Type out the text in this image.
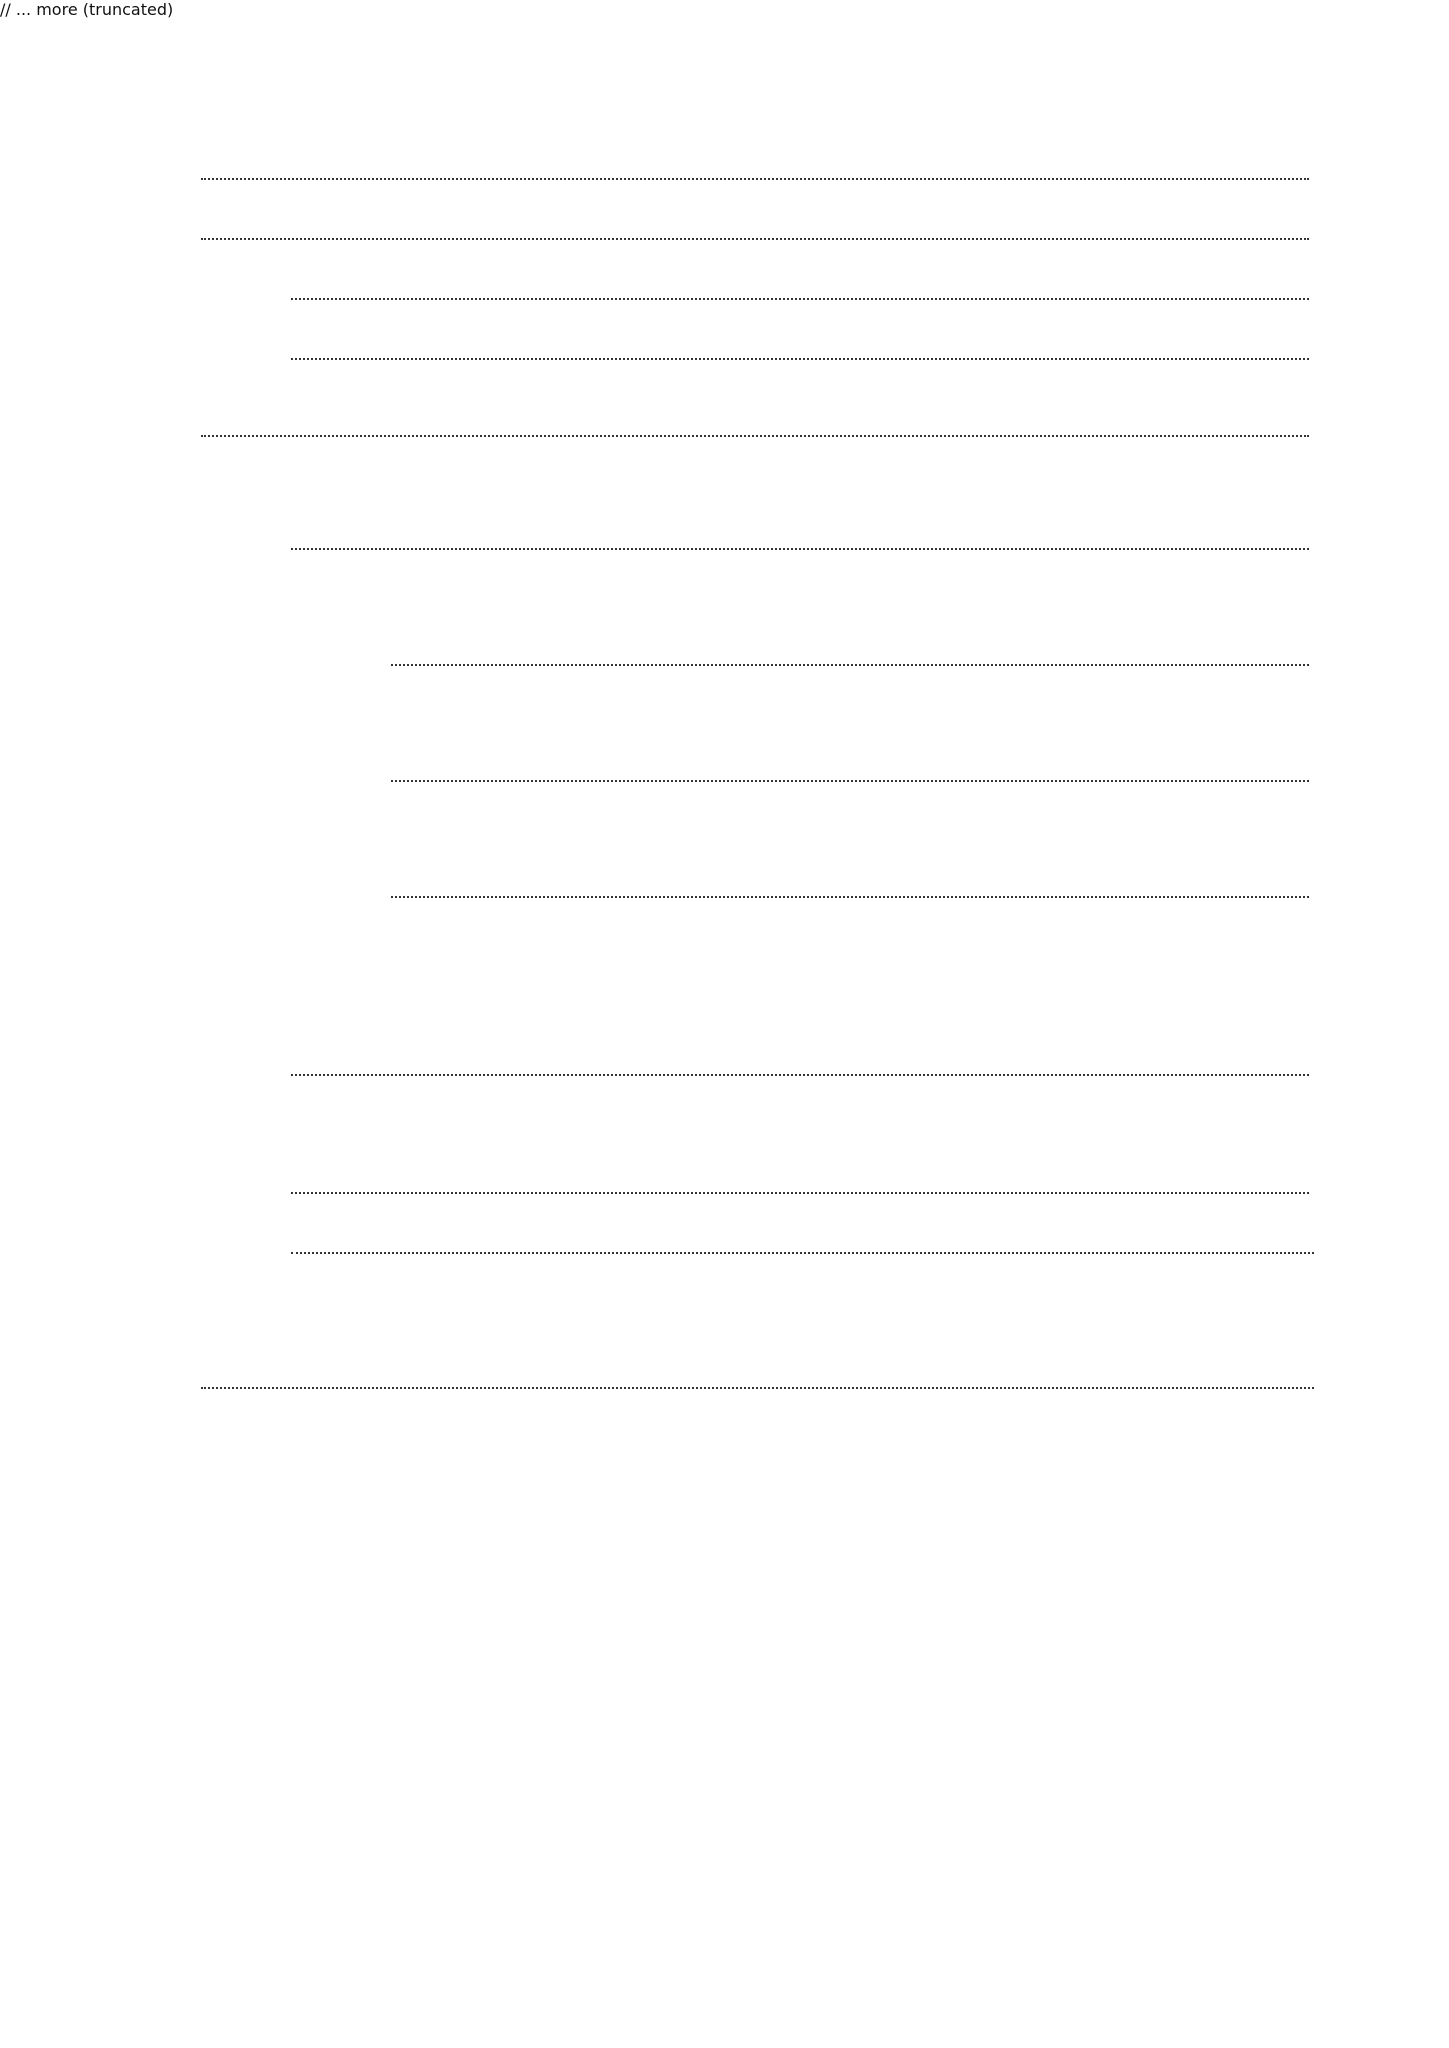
// ... more (truncated)
